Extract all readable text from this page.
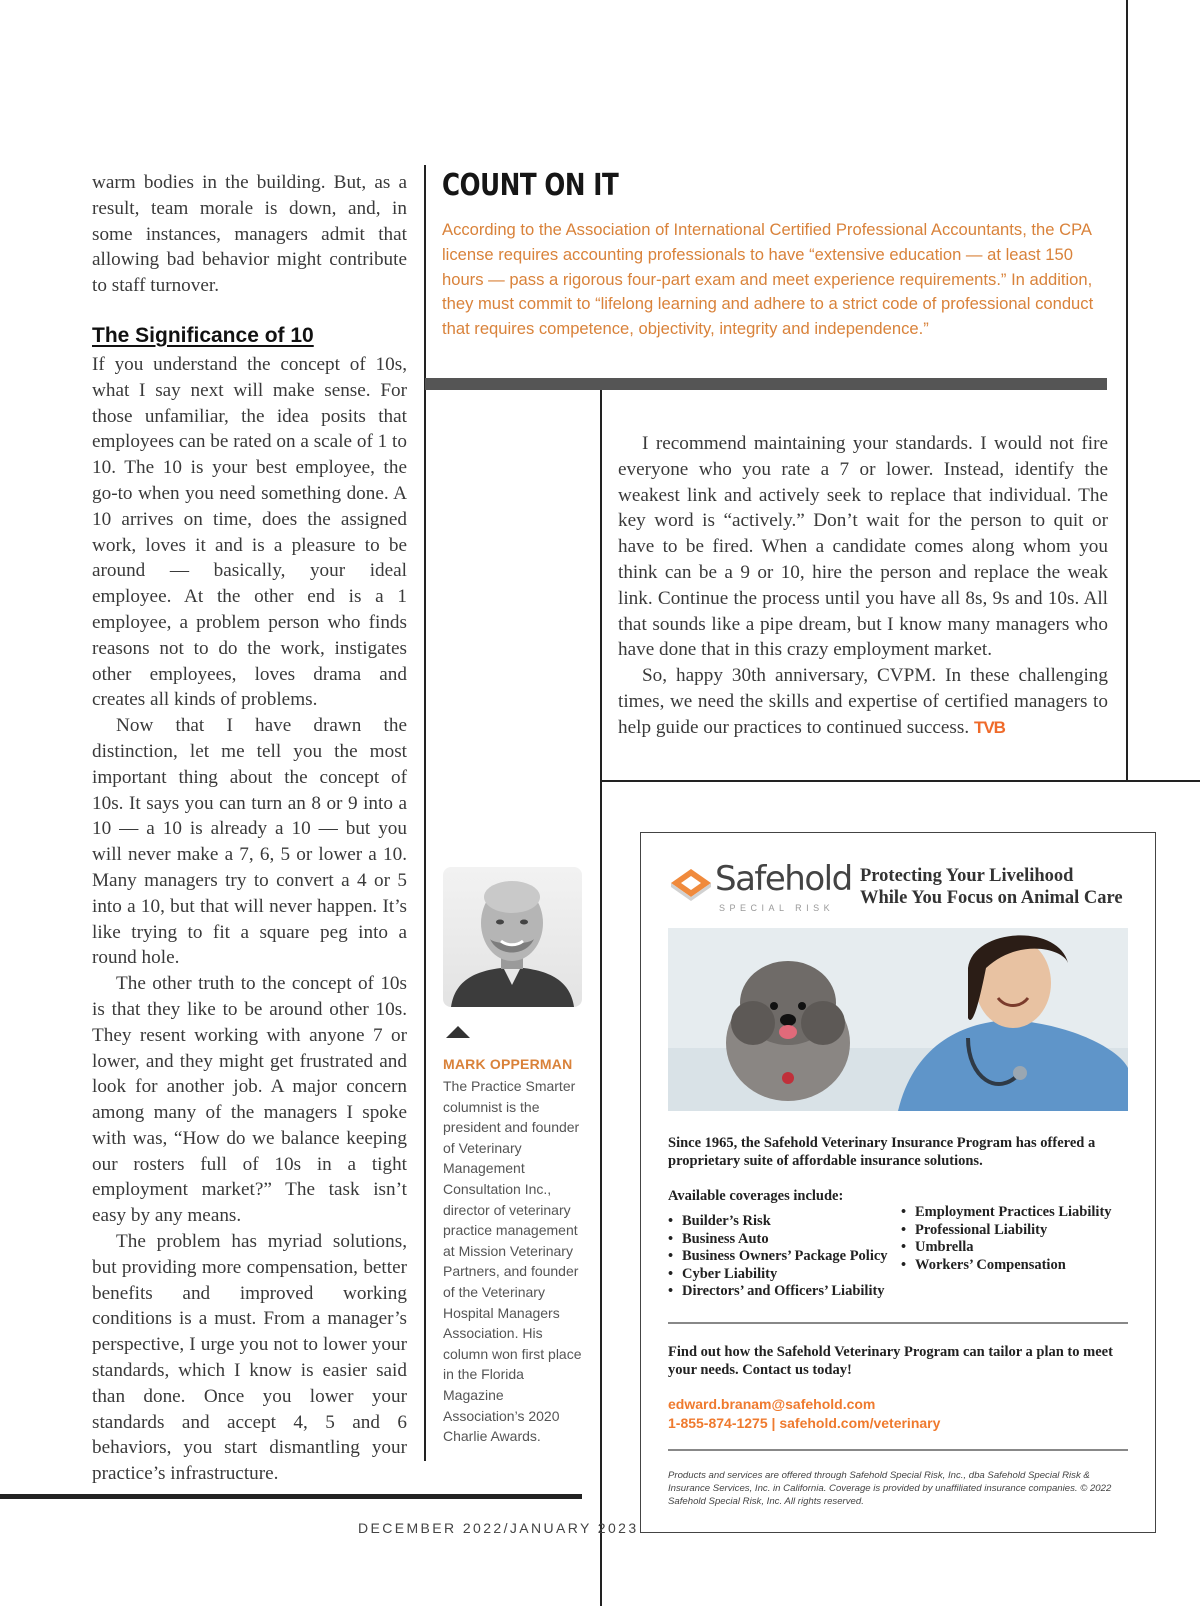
warm bodies in the building. But, as a result, team morale is down, and, in some instances, managers admit that allowing bad behavior might contribute to staff turnover.

The Significance of 10

If you understand the concept of 10s, what I say next will make sense. For those unfamiliar, the idea posits that employees can be rated on a scale of 1 to 10. The 10 is your best employee, the go-to when you need something done. A 10 arrives on time, does the assigned work, loves it and is a pleasure to be around — basically, your ideal employee. At the other end is a 1 employee, a problem person who finds reasons not to do the work, instigates other employees, loves drama and creates all kinds of problems.

Now that I have drawn the distinction, let me tell you the most important thing about the concept of 10s. It says you can turn an 8 or 9 into a 10 — a 10 is already a 10 — but you will never make a 7, 6, 5 or lower a 10. Many managers try to convert a 4 or 5 into a 10, but that will never happen. It’s like trying to fit a square peg into a round hole.

The other truth to the concept of 10s is that they like to be around other 10s. They resent working with anyone 7 or lower, and they might get frustrated and look for another job. A major concern among many of the managers I spoke with was, “How do we balance keeping our rosters full of 10s in a tight employment market?” The task isn’t easy by any means.

The problem has myriad solutions, but providing more compensation, better benefits and improved working conditions is a must. From a manager’s perspective, I urge you not to lower your standards, which I know is easier said than done. Once you lower your standards and accept 4, 5 and 6 behaviors, you start dismantling your practice’s infrastructure.

COUNT ON IT
According to the Association of International Certified Professional Accountants, the CPA license requires accounting professionals to have “extensive education — at least 150 hours — pass a rigorous four-part exam and meet experience requirements.” In addition, they must commit to “lifelong learning and adhere to a strict code of professional conduct that requires competence, objectivity, integrity and independence.”

I recommend maintaining your standards. I would not fire everyone who you rate a 7 or lower. Instead, identify the weakest link and actively seek to replace that individual. The key word is “actively.” Don’t wait for the person to quit or have to be fired. When a candidate comes along whom you think can be a 9 or 10, hire the person and replace the weak link. Continue the process until you have all 8s, 9s and 10s. All that sounds like a pipe dream, but I know many managers who have done that in this crazy employment market.

So, happy 30th anniversary, CVPM. In these challenging times, we need the skills and expertise of certified managers to help guide our practices to continued success. TVB

MARK OPPERMAN
The Practice Smarter columnist is the president and founder of Veterinary Management Consultation Inc., director of veterinary practice management at Mission Veterinary Partners, and founder of the Veterinary Hospital Managers Association. His column won first place in the Florida Magazine Association’s 2020 Charlie Awards.
DECEMBER 2022/JANUARY 2023
Safehold
SPECIAL RISK
Protecting Your Livelihood
While You Focus on Animal Care
Since 1965, the Safehold Veterinary Insurance Program has offered a proprietary suite of affordable insurance solutions.
Available coverages include:
• Builder’s Risk
• Business Auto
• Business Owners’ Package Policy
• Cyber Liability
• Directors’ and Officers’ Liability
• Employment Practices Liability
• Professional Liability
• Umbrella
• Workers’ Compensation
Find out how the Safehold Veterinary Program can tailor a plan to meet your needs. Contact us today!
edward.branam@safehold.com
1-855-874-1275 | safehold.com/veterinary
Products and services are offered through Safehold Special Risk, Inc., dba Safehold Special Risk & Insurance Services, Inc. in California. Coverage is provided by unaffiliated insurance companies. © 2022 Safehold Special Risk, Inc. All rights reserved.
